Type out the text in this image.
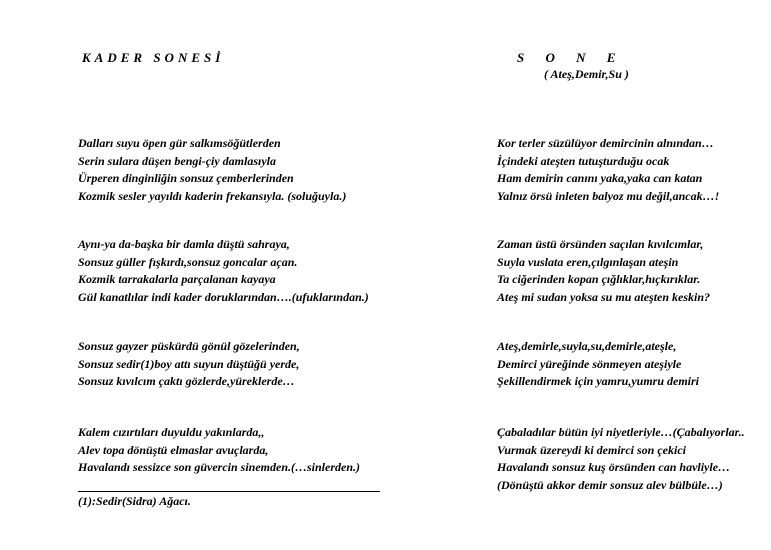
KADER SONESİ
Dalları suyu öpen gür salkımsöğütlerden
Serin sulara düşen bengi-çiy damlasıyla
Ürperen dinginliğin sonsuz çemberlerinden
Kozmik sesler yayıldı kaderin frekansıyla. (soluğuyla.)
Aynı-ya da-başka bir damla düştü sahraya,
Sonsuz güller fışkırdı,sonsuz goncalar açan.
Kozmik tarrakalarla parçalanan kayaya
Gül kanatlılar indi kader doruklarından….(ufuklarından.)
Sonsuz gayzer püskürdü gönül gözelerinden,
Sonsuz sedir(1)boy attı suyun düştüğü yerde,
Sonsuz kıvılcım çaktı gözlerde,yüreklerde…
Kalem cızırtıları duyuldu yakınlarda,,
Alev topa dönüştü elmaslar avuçlarda,
Havalandı sessizce son güvercin sinemden.(…sinlerden.)
(1):Sedir(Sidra) Ağacı.
S O N E
( Ateş,Demir,Su )
Kor terler süzülüyor demircinin alnından…
İçindeki ateşten tutuşturduğu ocak
Ham demirin canını yaka,yaka can katan
Yalnız örsü inleten balyoz mu değil,ancak…!
Zaman üstü örsünden saçılan kıvılcımlar,
Suyla vuslata eren,çılgınlaşan ateşin
Ta ciğerinden kopan çığlıklar,hıçkırıklar.
Ateş mi sudan yoksa su mu ateşten keskin?
Ateş,demirle,suyla,su,demirle,ateşle,
Demirci yüreğinde sönmeyen ateşiyle
Şekillendirmek için yamru,yumru demiri
Çabaladılar bütün iyi niyetleriyle…(Çabalıyorlar..
Vurmak üzereydi ki demirci son çekici
Havalandı sonsuz kuş örsünden can havliyle…
(Dönüştü akkor demir sonsuz alev bülbüle…)
